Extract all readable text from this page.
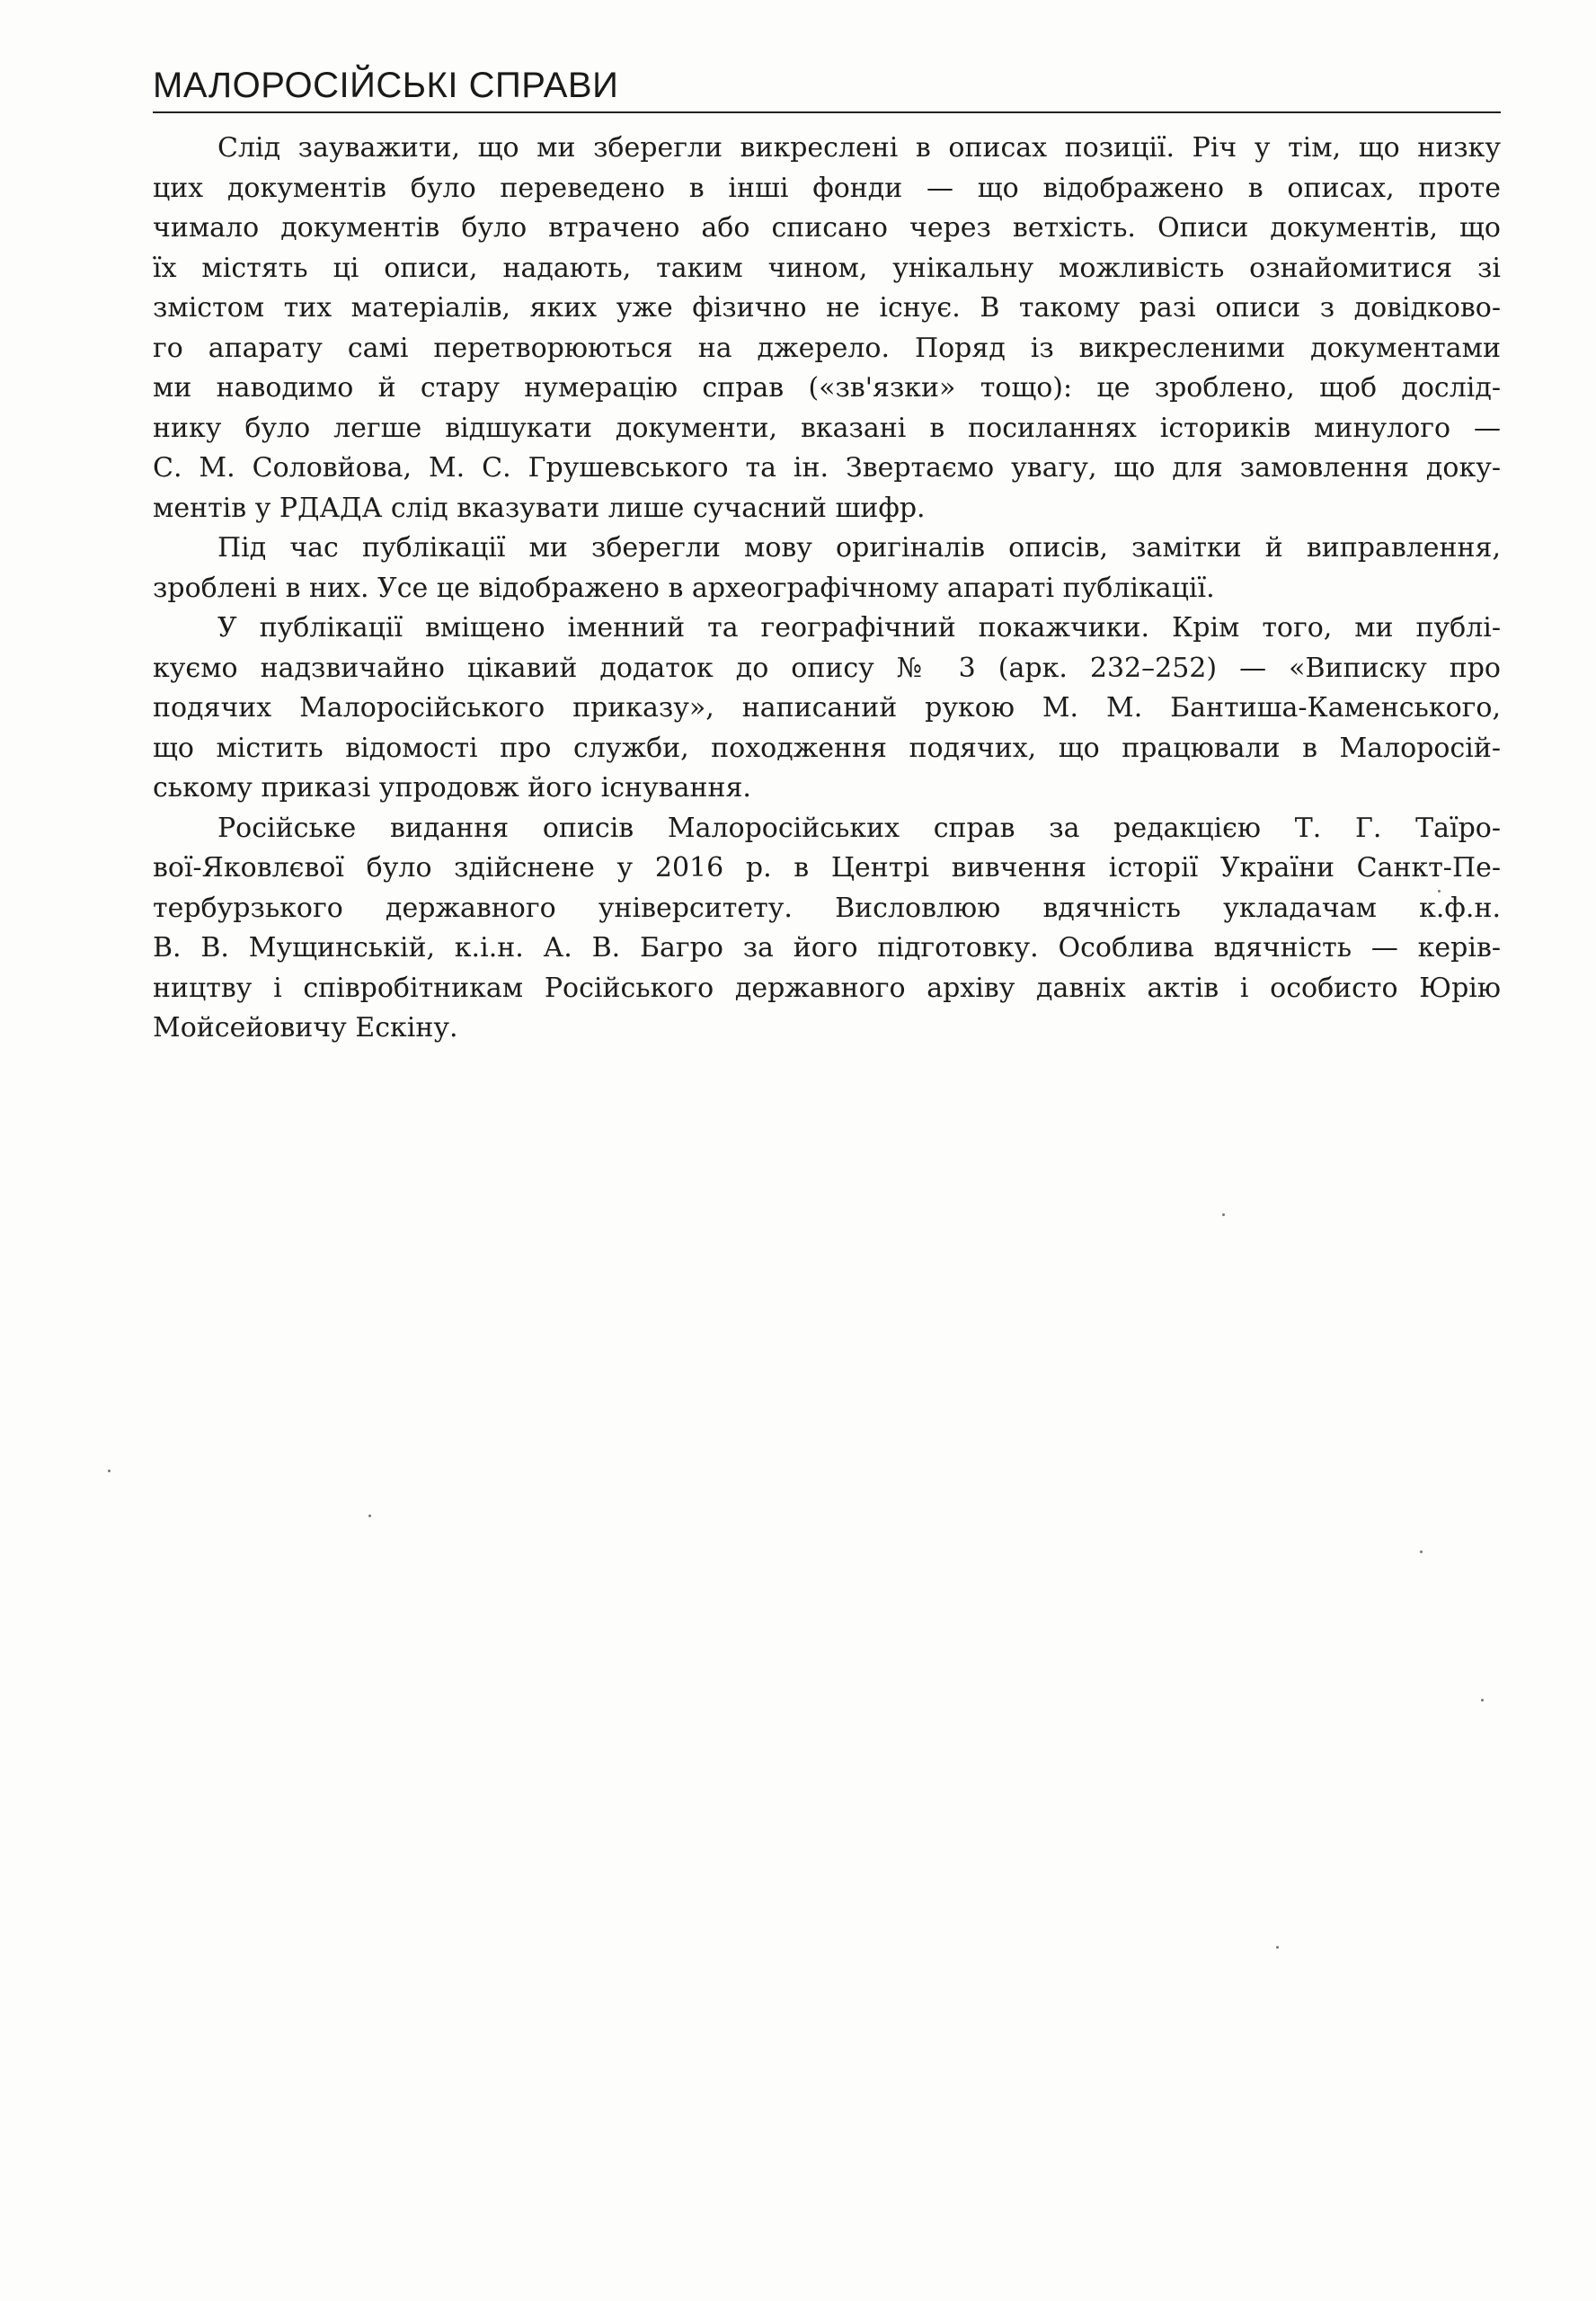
МАЛОРОСІЙСЬКІ СПРАВИ
Слід зауважити, що ми зберегли викреслені в описах позиції. Річ у тім, що низку
цих документів було переведено в інші фонди — що відображено в описах, проте
чимало документів було втрачено або списано через ветхість. Описи документів, що
їх містять ці описи, надають, таким чином, унікальну можливість ознайомитися зі
змістом тих матеріалів, яких уже фізично не існує. В такому разі описи з довідково-
го апарату самі перетворюються на джерело. Поряд із викресленими документами
ми наводимо й стару нумерацію справ («зв'язки» тощо): це зроблено, щоб дослід-
нику було легше відшукати документи, вказані в посиланнях істориків минулого —
С. М. Соловйова, М. С. Грушевського та ін. Звертаємо увагу, що для замовлення доку-
ментів у РДАДА слід вказувати лише сучасний шифр.
Під час публікації ми зберегли мову оригіналів описів, замітки й виправлення,
зроблені в них. Усе це відображено в археографічному апараті публікації.
У публікації вміщено іменний та географічний покажчики. Крім того, ми публі-
куємо надзвичайно цікавий додаток до опису № 3 (арк. 232–252) — «Виписку про
подячих Малоросійського приказу», написаний рукою М. М. Бантиша-Каменського,
що містить відомості про служби, походження подячих, що працювали в Малоросій-
ському приказі упродовж його існування.
Російське видання описів Малоросійських справ за редакцією Т. Г. Таїро-
вої-Яковлєвої було здійснене у 2016 р. в Центрі вивчення історії України Санкт-Пе-
тербурзького державного університету. Висловлюю вдячність укладачам к.ф.н.
В. В. Мущинській, к.і.н. А. В. Багро за його підготовку. Особлива вдячність — керів-
ництву і співробітникам Російського державного архіву давніх актів і особисто Юрію
Мойсейовичу Ескіну.
